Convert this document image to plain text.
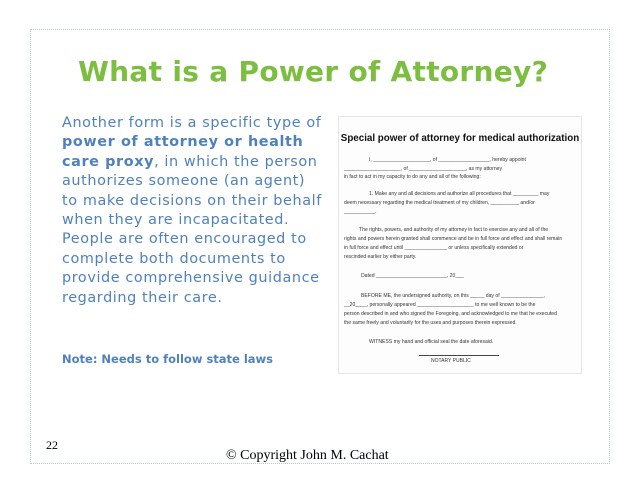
What is a Power of Attorney?
Another form is a specific type of power of attorney or health care proxy, in which the person authorizes someone (an agent) to make decisions on their behalf when they are incapacitated. People are often encouraged to complete both documents to provide comprehensive guidance regarding their care.
Note: Needs to follow state laws
Special power of attorney for medical authorization
I, ____________________, of __________________, hereby appoint
____________________, of ____________________, as my attorney
in fact to act in my capacity to do any and all of the following:
1. Make any and all decisions and authorize all procedures that _________ may
deem necessary regarding the medical treatment of my children, __________ and/or
___________.
The rights, powers, and authority of my attorney in fact to exercise any and all of the
rights and powers herein granted shall commence and be in full force and effect and shall remain
in full force and effect until _______________ or unless specifically extended or
rescinded earlier by either party.
Dated _________________________, 20___
BEFORE ME, the undersigned authority, on this _____ day of _______________,
__20____, personally appeared ____________________ to me well known to be the
person described in and who signed the Foregoing, and acknowledged to me that he executed
the same freely and voluntarily for the uses and purposes therein expressed.
WITNESS my hand and official seal the date aforesaid.
NOTARY PUBLIC
22
© Copyright John M. Cachat
